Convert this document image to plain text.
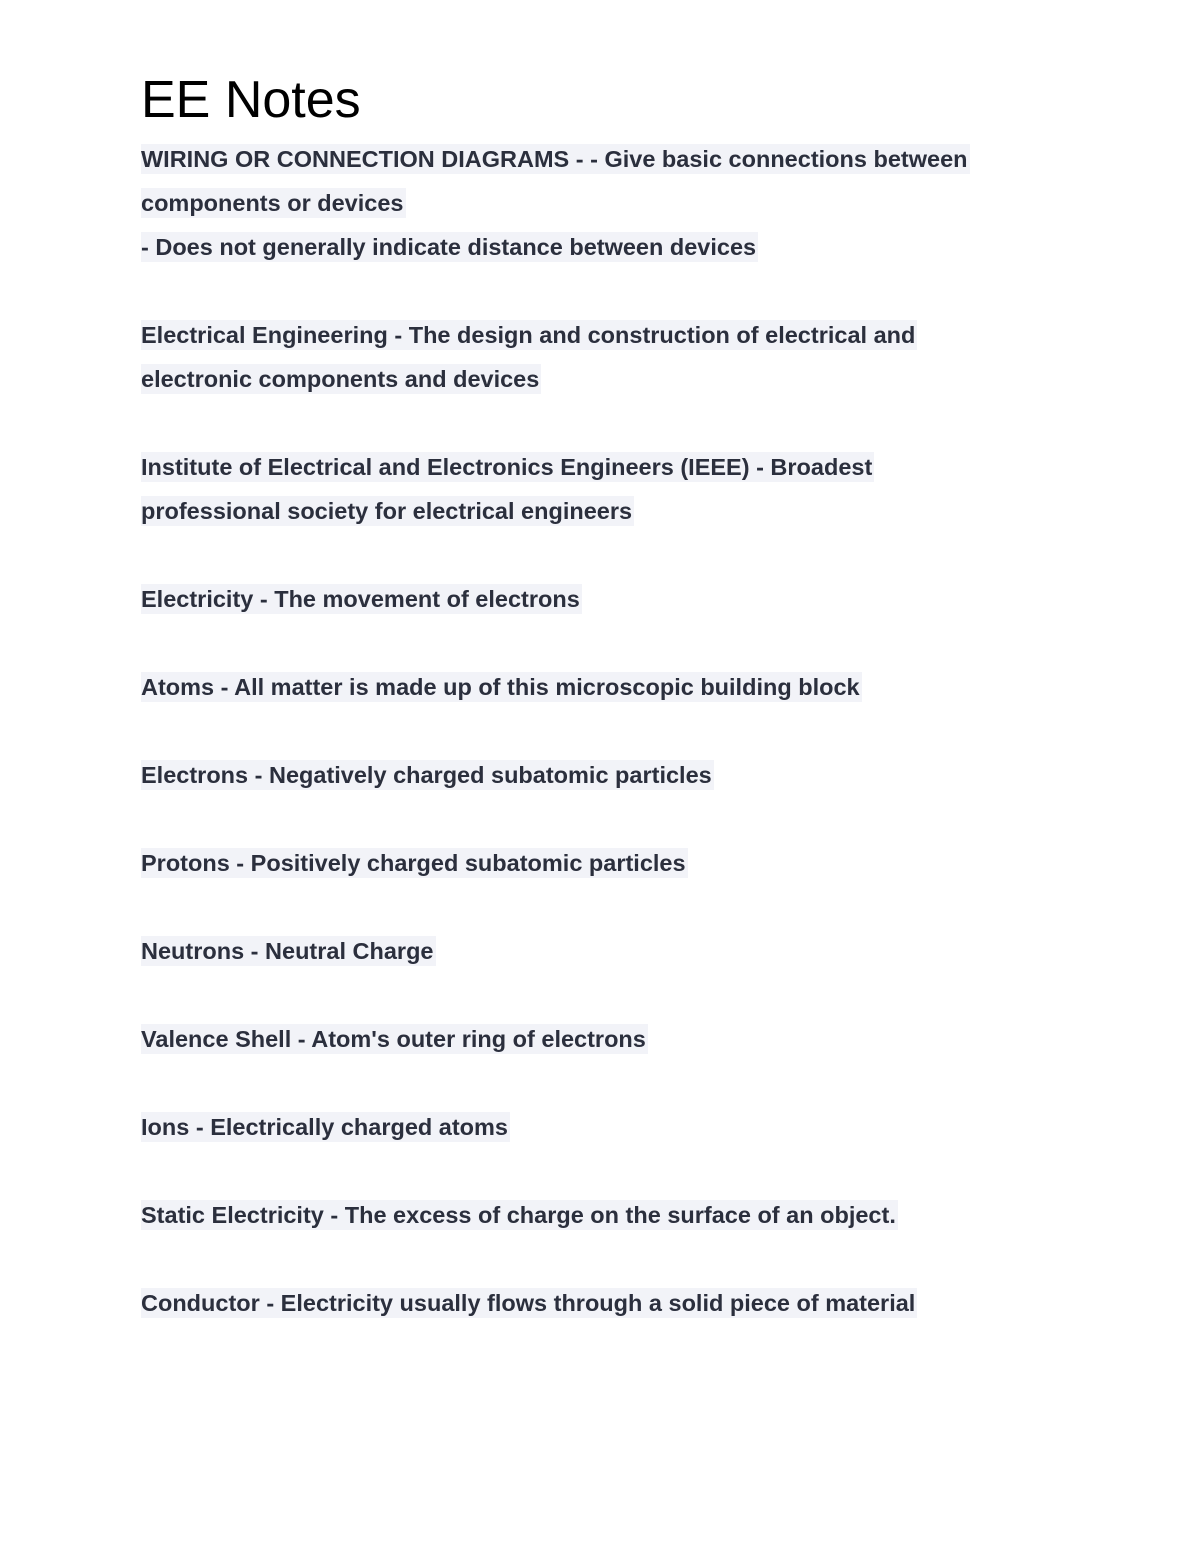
EE Notes

WIRING OR CONNECTION DIAGRAMS - - Give basic connections between
components or devices
- Does not generally indicate distance between devices

Electrical Engineering - The design and construction of electrical and
electronic components and devices

Institute of Electrical and Electronics Engineers (IEEE) - Broadest
professional society for electrical engineers

Electricity - The movement of electrons

Atoms - All matter is made up of this microscopic building block

Electrons - Negatively charged subatomic particles

Protons - Positively charged subatomic particles

Neutrons - Neutral Charge

Valence Shell - Atom's outer ring of electrons

Ions - Electrically charged atoms

Static Electricity - The excess of charge on the surface of an object.

Conductor - Electricity usually flows through a solid piece of material
